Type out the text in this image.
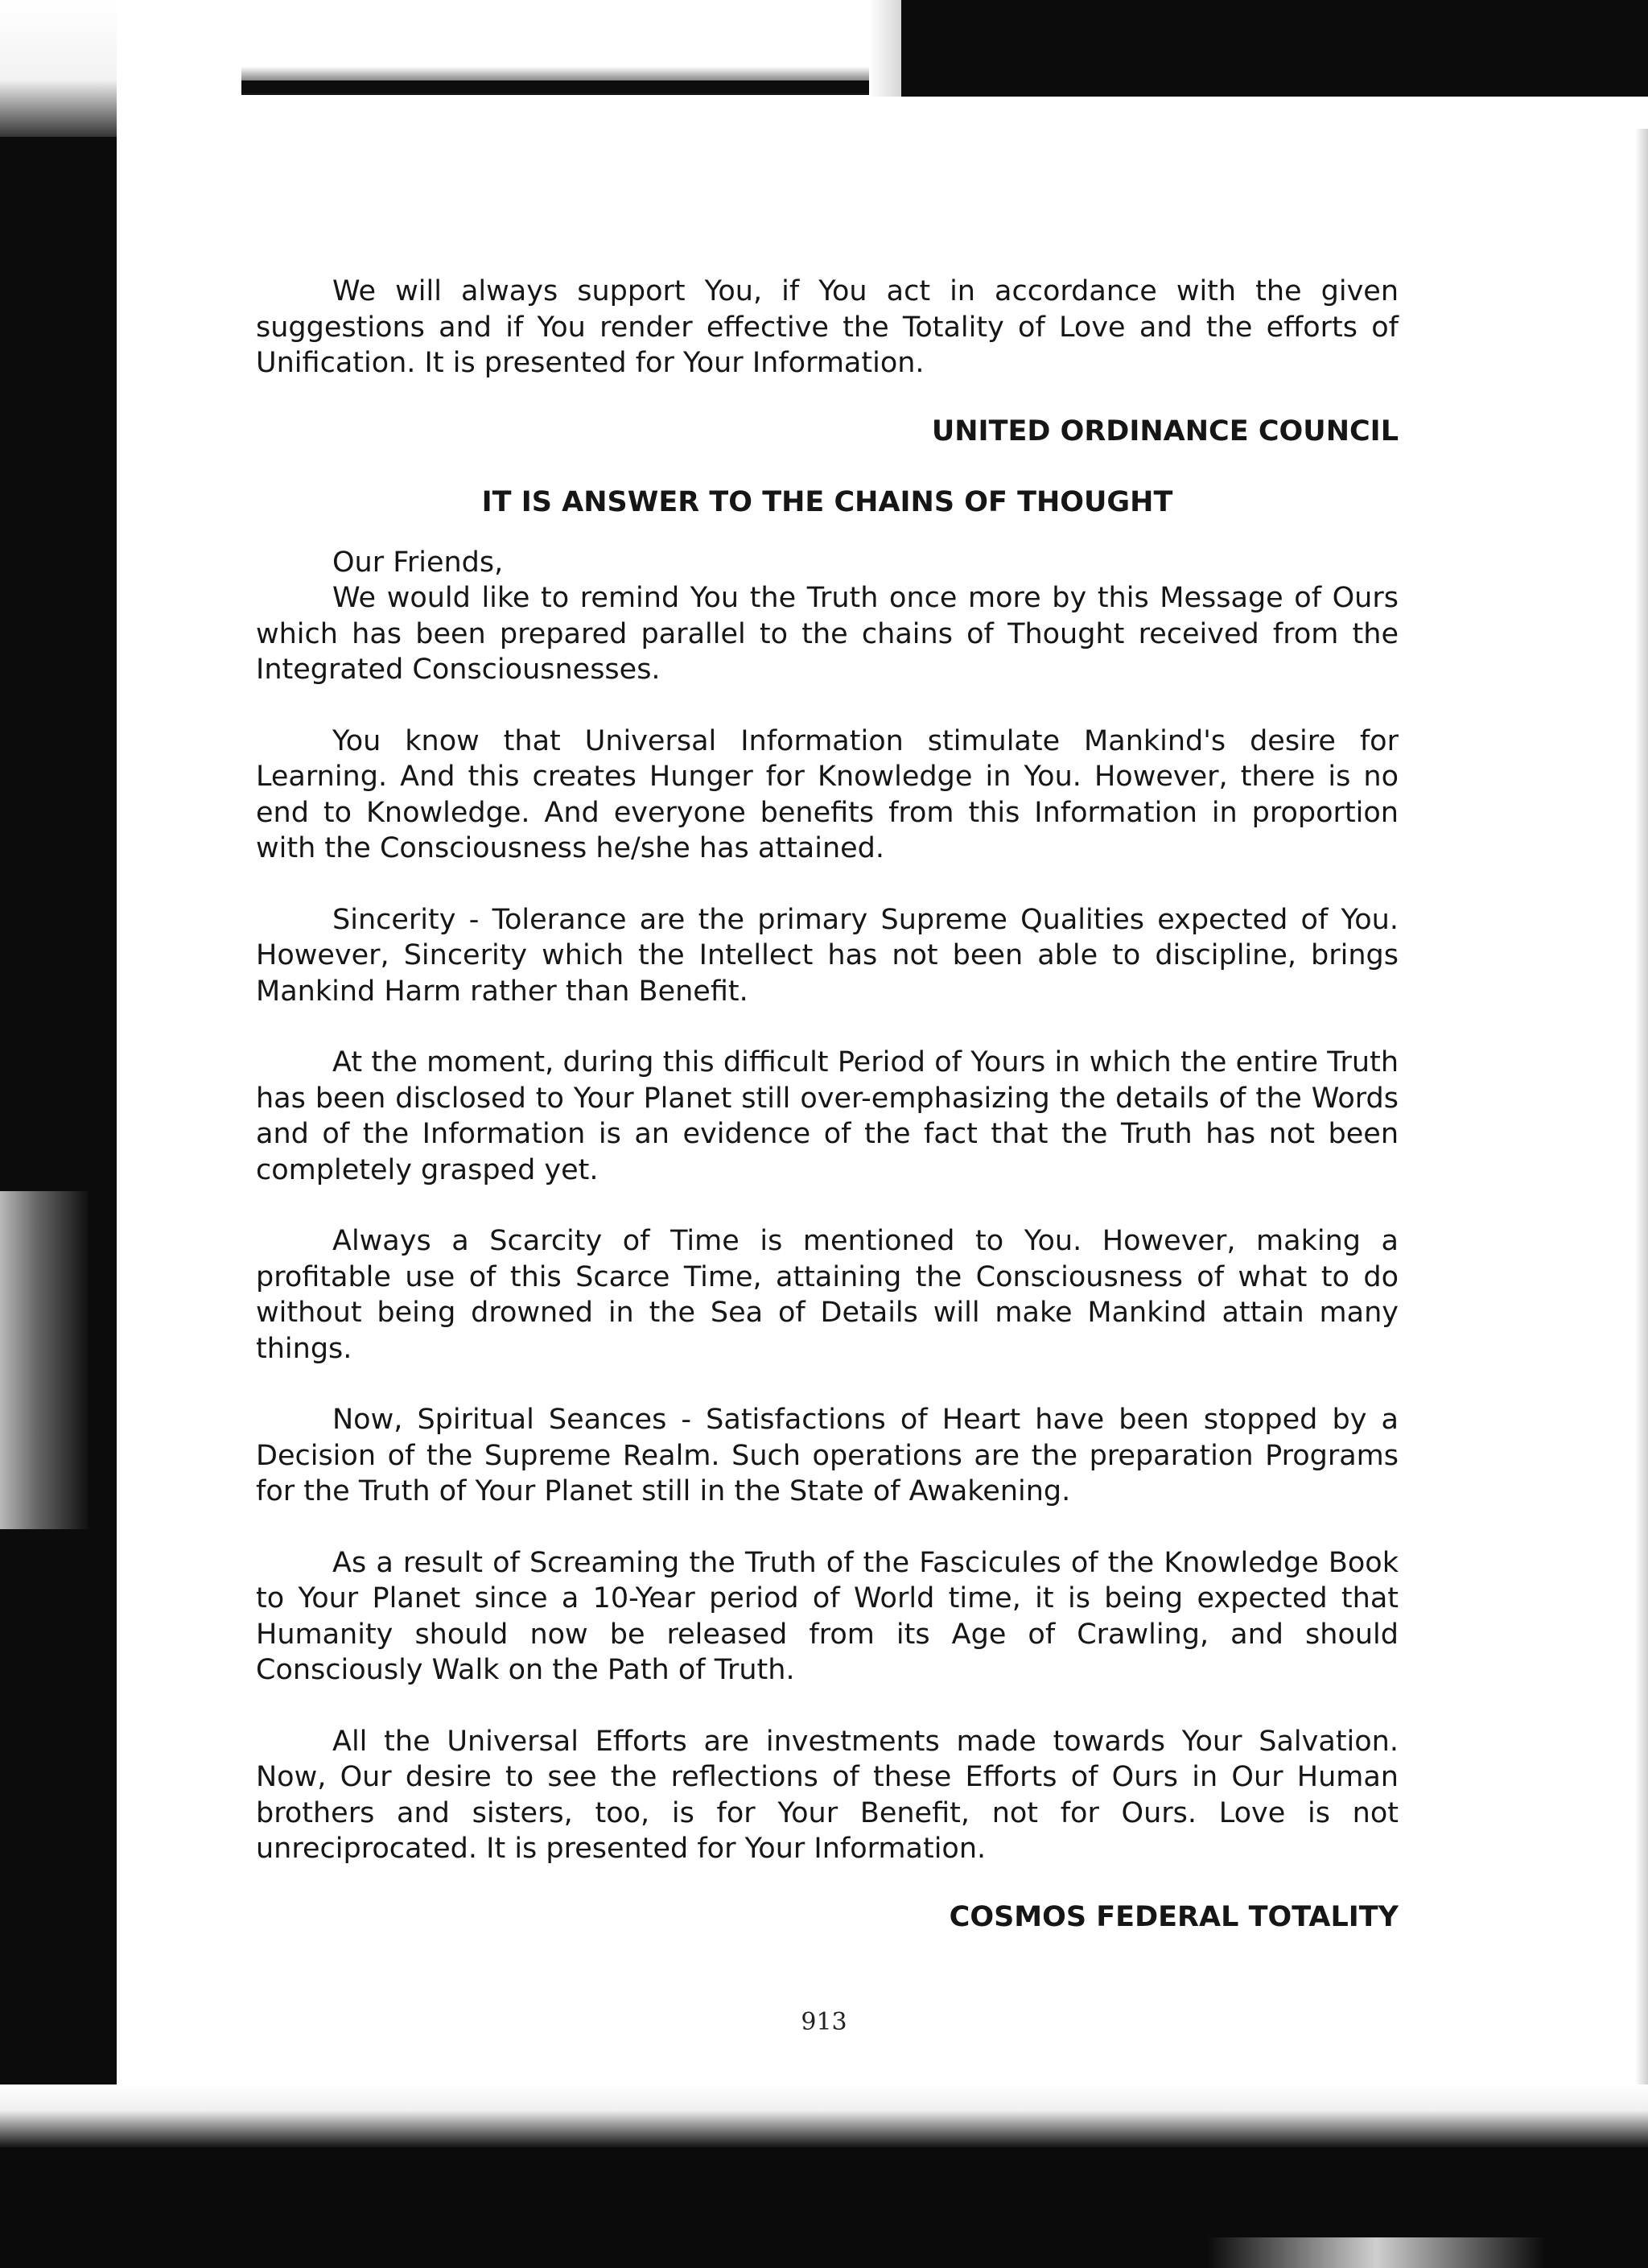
We will always support You, if You act in accordance with the given suggestions and if You render effective the Totality of Love and the efforts of Unification. It is presented for Your Information.

UNITED ORDINANCE COUNCIL

IT IS ANSWER TO THE CHAINS OF THOUGHT

Our Friends,

We would like to remind You the Truth once more by this Message of Ours which has been prepared parallel to the chains of Thought received from the Integrated Consciousnesses.

You know that Universal Information stimulate Mankind's desire for Learning. And this creates Hunger for Knowledge in You. However, there is no end to Knowledge. And everyone benefits from this Information in proportion with the Consciousness he/she has attained.

Sincerity - Tolerance are the primary Supreme Qualities expected of You. However, Sincerity which the Intellect has not been able to discipline, brings Mankind Harm rather than Benefit.

At the moment, during this difficult Period of Yours in which the entire Truth has been disclosed to Your Planet still over-emphasizing the details of the Words and of the Information is an evidence of the fact that the Truth has not been completely grasped yet.

Always a Scarcity of Time is mentioned to You. However, making a profitable use of this Scarce Time, attaining the Consciousness of what to do without being drowned in the Sea of Details will make Mankind attain many things.

Now, Spiritual Seances - Satisfactions of Heart have been stopped by a Decision of the Supreme Realm. Such operations are the preparation Programs for the Truth of Your Planet still in the State of Awakening.

As a result of Screaming the Truth of the Fascicules of the Knowledge Book to Your Planet since a 10-Year period of World time, it is being expected that Humanity should now be released from its Age of Crawling, and should Consciously Walk on the Path of Truth.

All the Universal Efforts are investments made towards Your Salvation. Now, Our desire to see the reflections of these Efforts of Ours in Our Human brothers and sisters, too, is for Your Benefit, not for Ours. Love is not unreciprocated. It is presented for Your Information.

COSMOS FEDERAL TOTALITY

913
